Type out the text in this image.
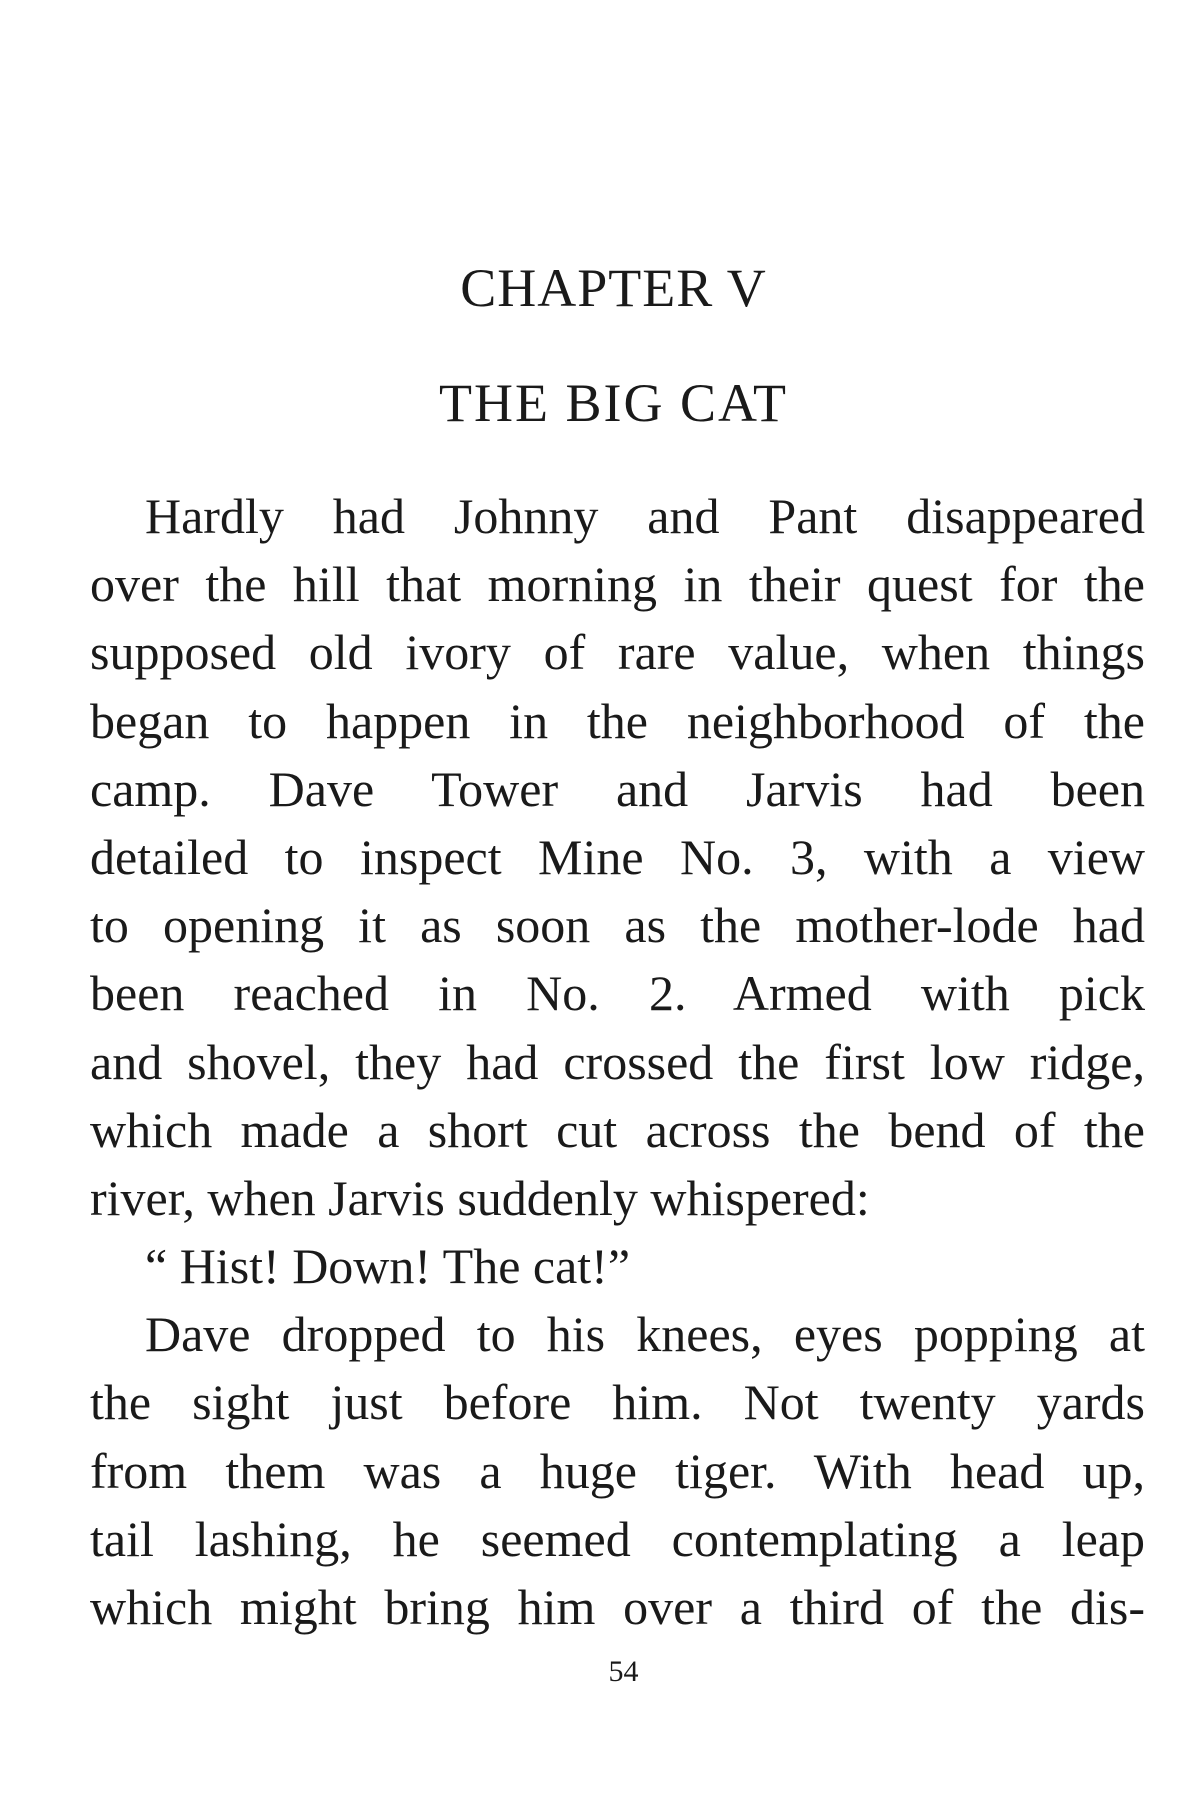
CHAPTER V
THE BIG CAT
Hardly had Johnny and Pant disappeared
over the hill that morning in their quest for the
supposed old ivory of rare value, when things
began to happen in the neighborhood of the
camp. Dave Tower and Jarvis had been
detailed to inspect Mine No. 3, with a view
to opening it as soon as the mother-lode had
been reached in No. 2. Armed with pick
and shovel, they had crossed the first low ridge,
which made a short cut across the bend of the
river, when Jarvis suddenly whispered:
“ Hist! Down! The cat!”
Dave dropped to his knees, eyes popping at
the sight just before him. Not twenty yards
from them was a huge tiger. With head up,
tail lashing, he seemed contemplating a leap
which might bring him over a third of the dis-
54
